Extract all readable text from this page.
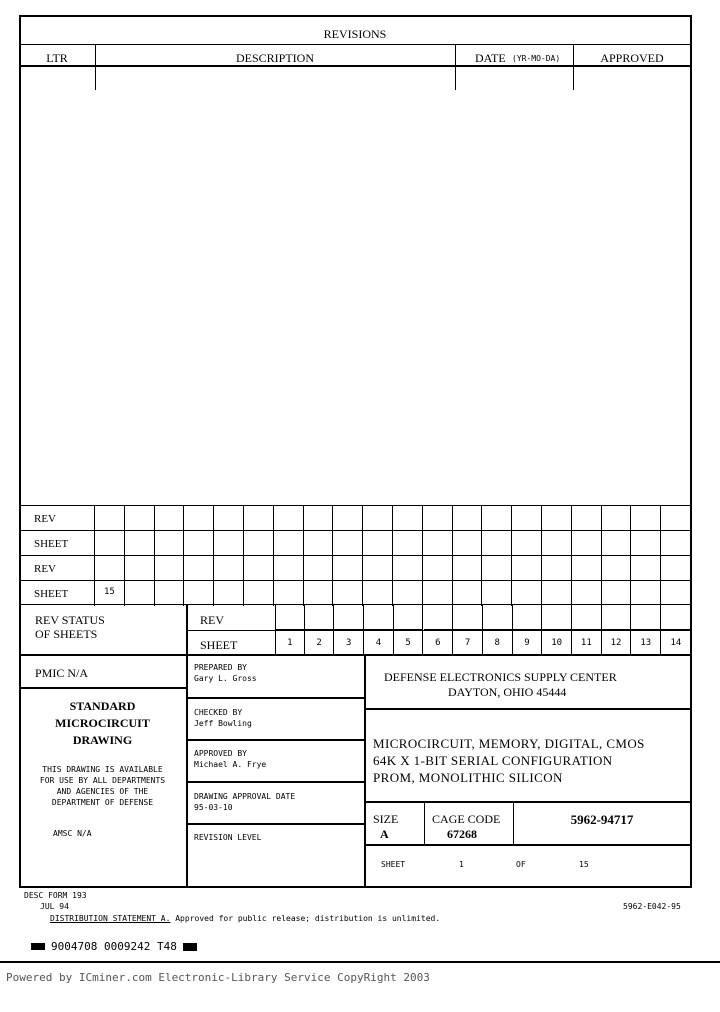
REVISIONS
LTR	DESCRIPTION	DATE (YR-MO-DA)	APPROVED
REV
SHEET
REV
SHEET	15
REV STATUS
OF SHEETS
REV
SHEET	1	2	3	4	5	6	7	8	9	10	11	12	13	14
PMIC N/A
STANDARD
MICROCIRCUIT
DRAWING
THIS DRAWING IS AVAILABLE
FOR USE BY ALL DEPARTMENTS
AND AGENCIES OF THE
DEPARTMENT OF DEFENSE
AMSC N/A
PREPARED BY
Gary L. Gross
CHECKED BY
Jeff Bowling
APPROVED BY
Michael A. Frye
DRAWING APPROVAL DATE
95-03-10
REVISION LEVEL
DEFENSE ELECTRONICS SUPPLY CENTER
DAYTON, OHIO 45444
MICROCIRCUIT, MEMORY, DIGITAL, CMOS
64K X 1-BIT SERIAL CONFIGURATION
PROM, MONOLITHIC SILICON
SIZE
A
CAGE CODE
67268
5962-94717
SHEET	1	OF	15
DESC FORM 193
JUL 94	5962-E042-95
DISTRIBUTION STATEMENT A. Approved for public release; distribution is unlimited.
9004708 0009242 T48
Powered by ICminer.com Electronic-Library Service CopyRight 2003
